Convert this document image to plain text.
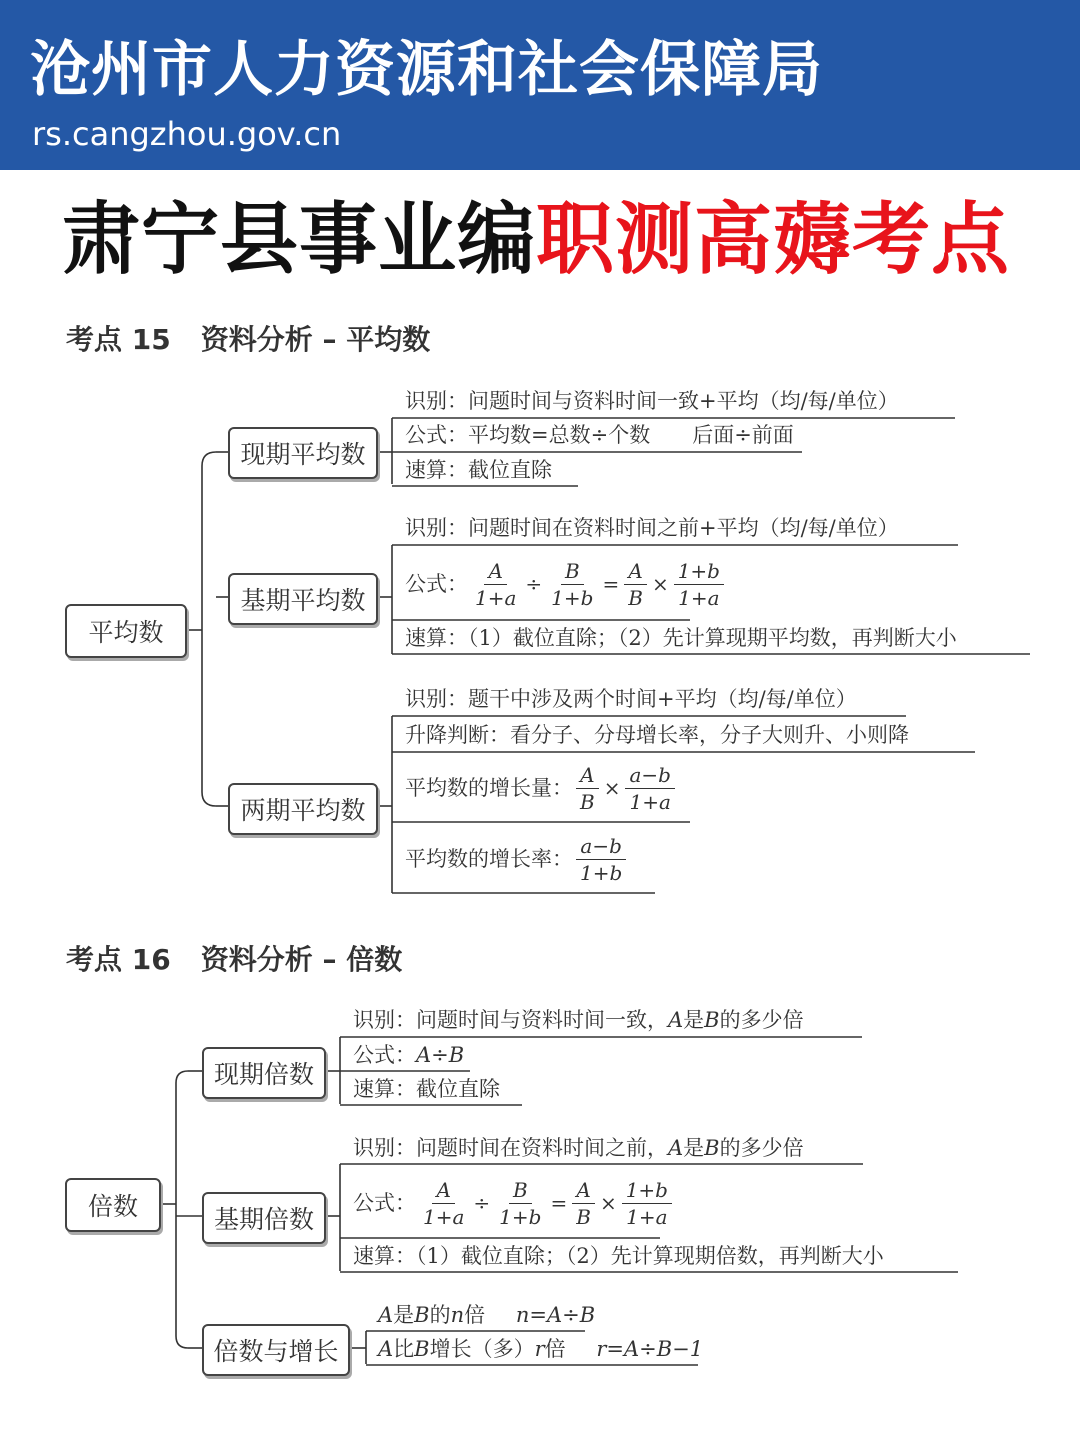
沧州市人力资源和社会保障局
rs.cangzhou.gov.cn
肃宁县事业编职测高薅考点
考点 15 资料分析 – 平均数
平均数
现期平均数
识别：问题时间与资料时间一致+平均（均/每/单位）
公式：平均数=总数÷个数　　后面÷前面
速算：截位直除
基期平均数
识别：问题时间在资料时间之前+平均（均/每/单位）
公式： $\frac{A}{1+a} \div \frac{B}{1+b} = \frac{A}{B} \times \frac{1+b}{1+a}$
速算：（1）截位直除；（2）先计算现期平均数，再判断大小
两期平均数
识别：题干中涉及两个时间+平均（均/每/单位）
升降判断：看分子、分母增长率，分子大则升、小则降
平均数的增长量： $\frac{A}{B} \times \frac{a-b}{1+a}$
平均数的增长率：
a−b
1+b
考点 16 资料分析 – 倍数
倍数
现期倍数
识别：问题时间与资料时间一致，A是B的多少倍
公式：A÷B
速算：截位直除
基期倍数
识别：问题时间在资料时间之前，A是B的多少倍
公式： $\frac{A}{1+a} \div \frac{B}{1+b} = \frac{A}{B} \times \frac{1+b}{1+a}$
速算：（1）截位直除；（2）先计算现期倍数，再判断大小
倍数与增长
A是B的n倍 n=A÷B
A比B增长（多）r倍 r=A÷B−1
